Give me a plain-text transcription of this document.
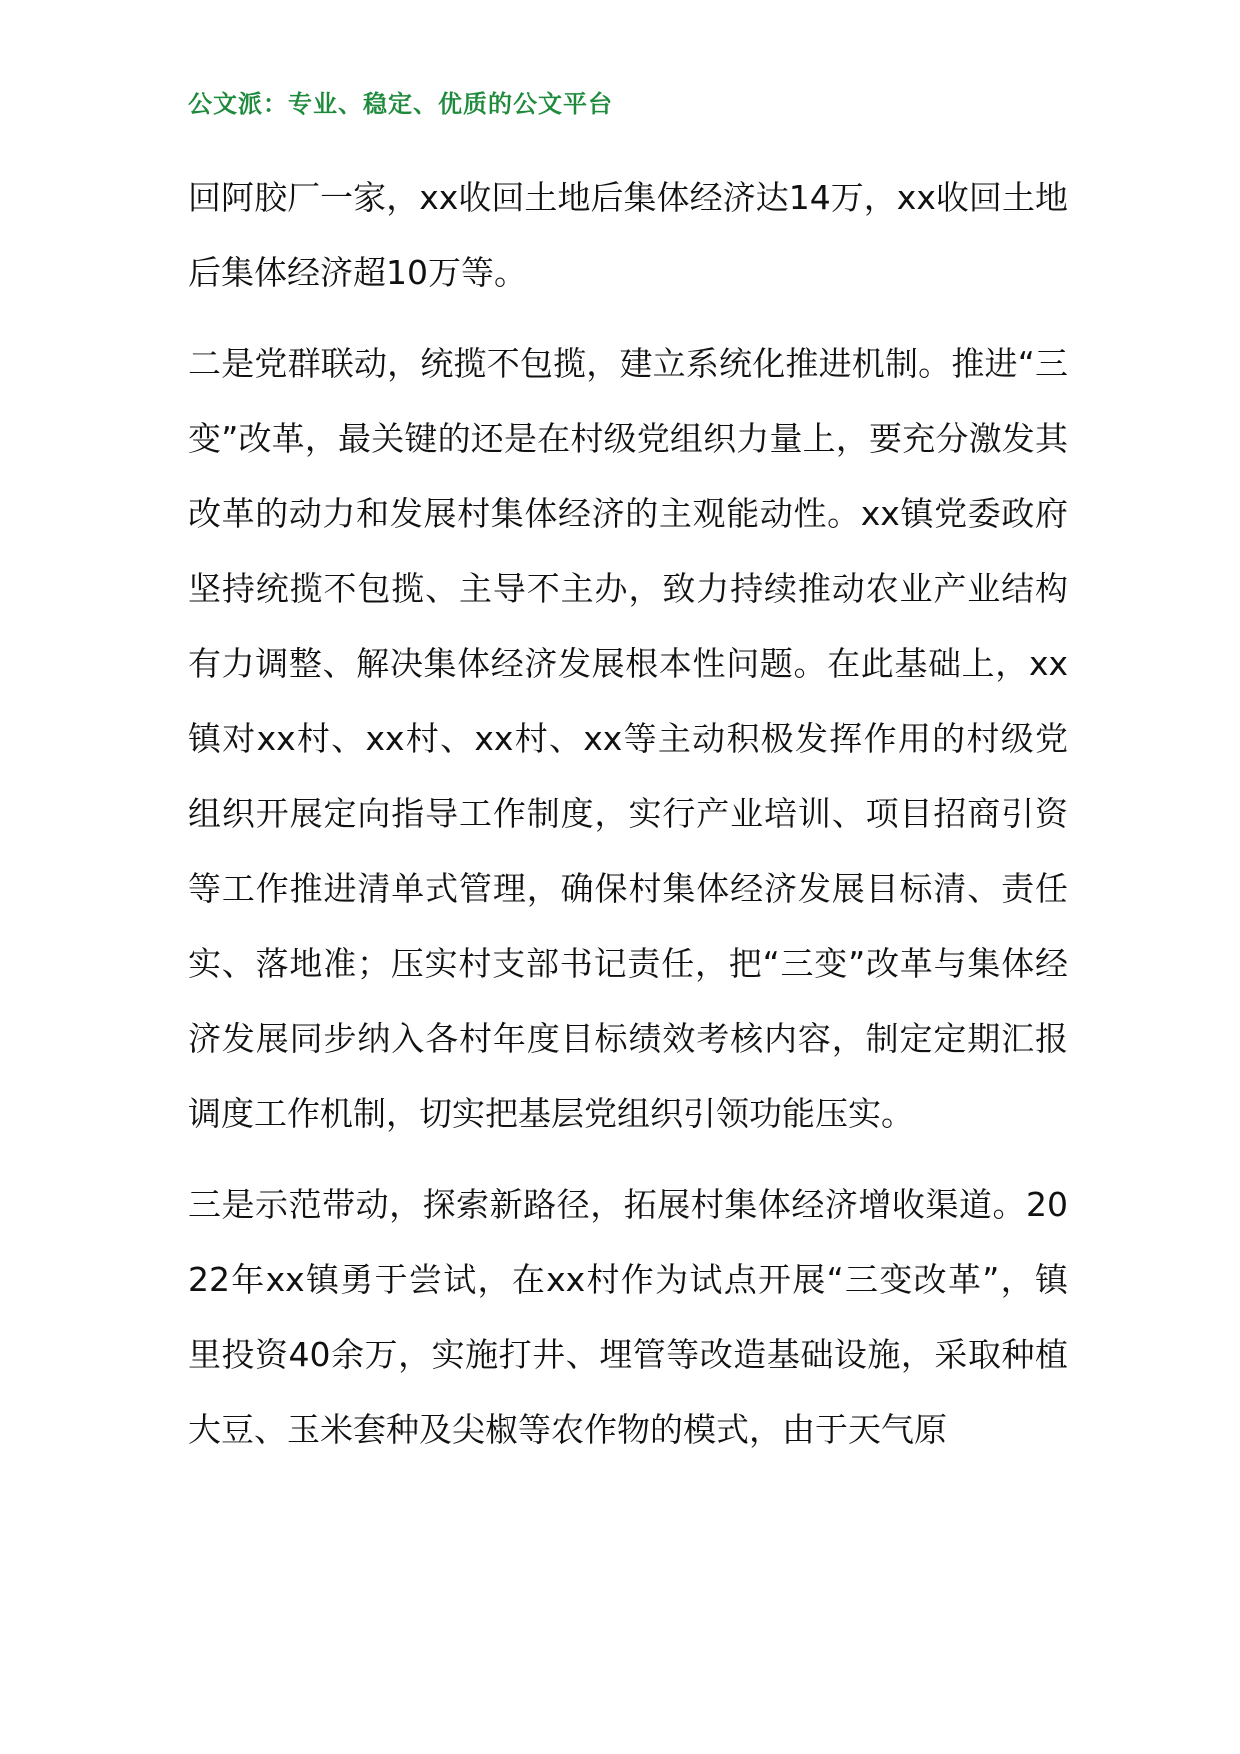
公文派：专业、稳定、优质的公文平台

回阿胶厂一家，xx收回土地后集体经济达14万，xx收回土地后集体经济超10万等。

二是党群联动，统揽不包揽，建立系统化推进机制。推进“三变”改革，最关键的还是在村级党组织力量上，要充分激发其改革的动力和发展村集体经济的主观能动性。xx镇党委政府坚持统揽不包揽、主导不主办，致力持续推动农业产业结构有力调整、解决集体经济发展根本性问题。在此基础上，xx镇对xx村、xx村、xx村、xx等主动积极发挥作用的村级党组织开展定向指导工作制度，实行产业培训、项目招商引资等工作推进清单式管理，确保村集体经济发展目标清、责任实、落地准；压实村支部书记责任，把“三变”改革与集体经济发展同步纳入各村年度目标绩效考核内容，制定定期汇报调度工作机制，切实把基层党组织引领功能压实。

三是示范带动，探索新路径，拓展村集体经济增收渠道。2022年xx镇勇于尝试，在xx村作为试点开展“三变改革”，镇里投资40余万，实施打井、埋管等改造基础设施，采取种植大豆、玉米套种及尖椒等农作物的模式，由于天气原
